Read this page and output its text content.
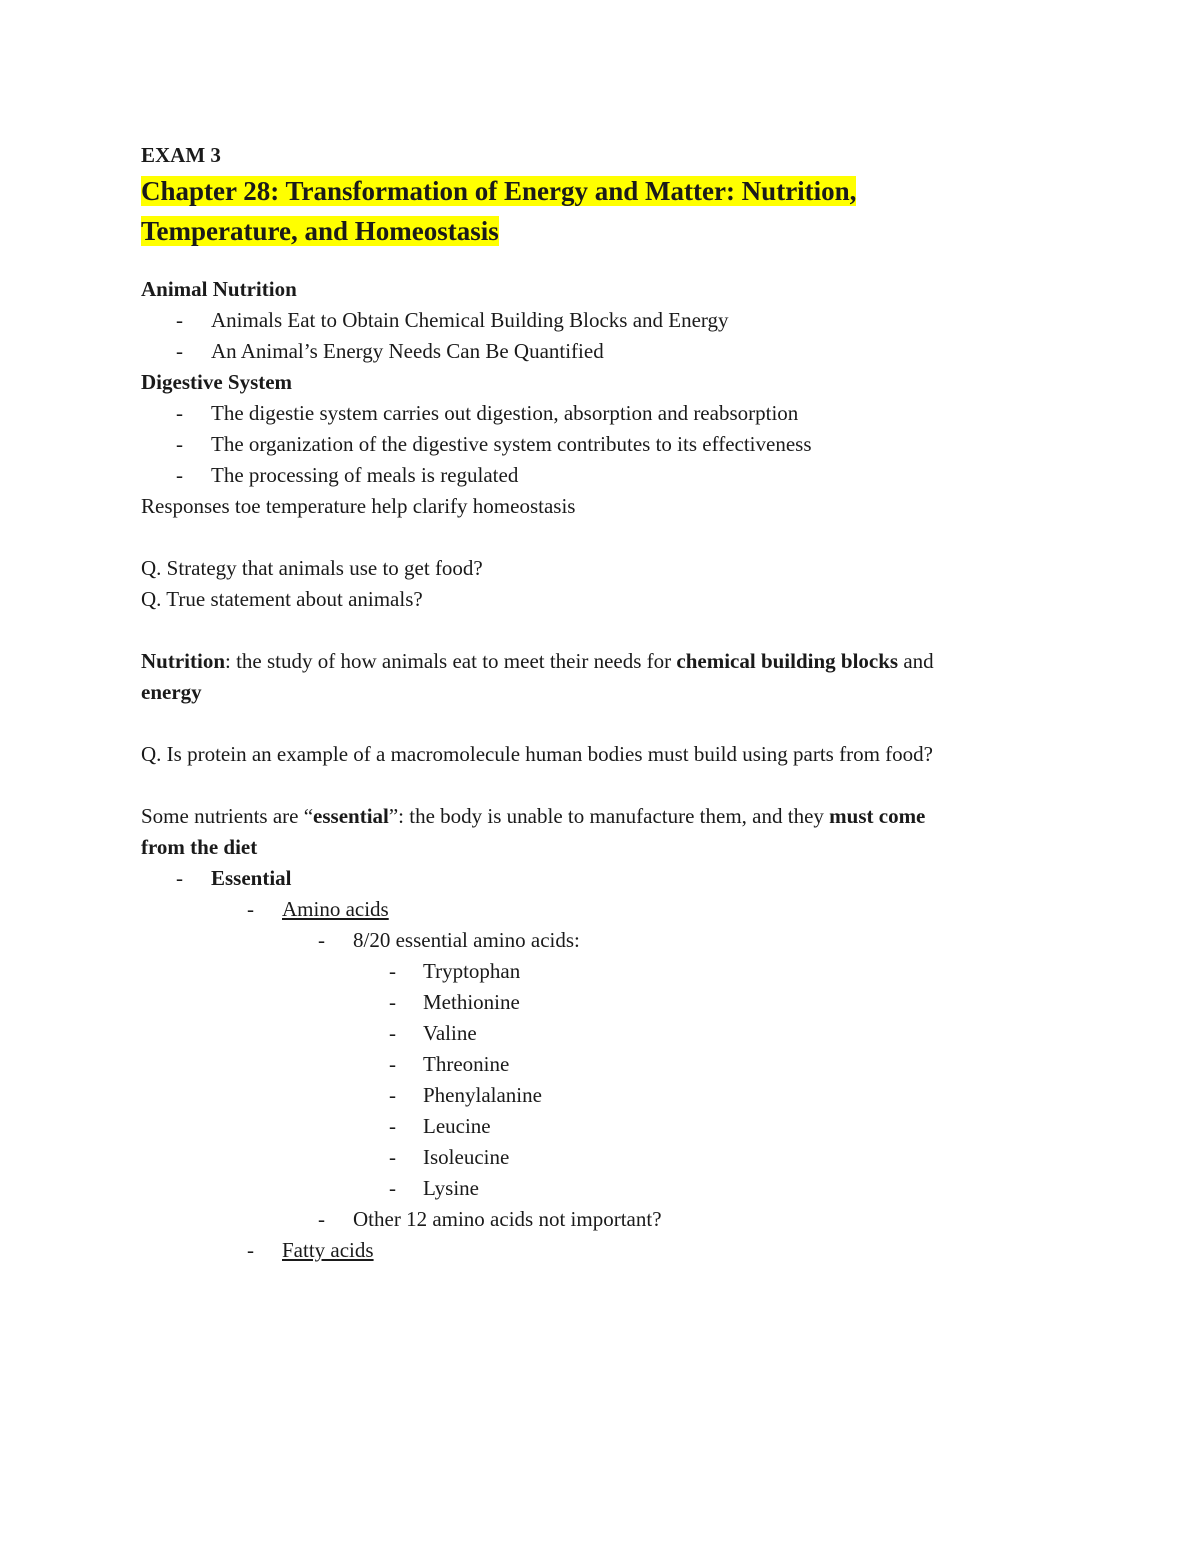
EXAM 3

Chapter 28: Transformation of Energy and Matter: Nutrition,

Temperature, and Homeostasis

Animal Nutrition

- Animals Eat to Obtain Chemical Building Blocks and Energy

- An Animal’s Energy Needs Can Be Quantified

Digestive System

- The digestie system carries out digestion, absorption and reabsorption

- The organization of the digestive system contributes to its effectiveness

- The processing of meals is regulated

Responses toe temperature help clarify homeostasis

Q. Strategy that animals use to get food?

Q. True statement about animals?

Nutrition: the study of how animals eat to meet their needs for chemical building blocks and
energy

Q. Is protein an example of a macromolecule human bodies must build using parts from food?

Some nutrients are “essential”: the body is unable to manufacture them, and they must come
from the diet

- Essential

- Amino acids

- 8/20 essential amino acids:

- Tryptophan

- Methionine

- Valine

- Threonine

- Phenylalanine

- Leucine

- Isoleucine

- Lysine

- Other 12 amino acids not important?

- Fatty acids
